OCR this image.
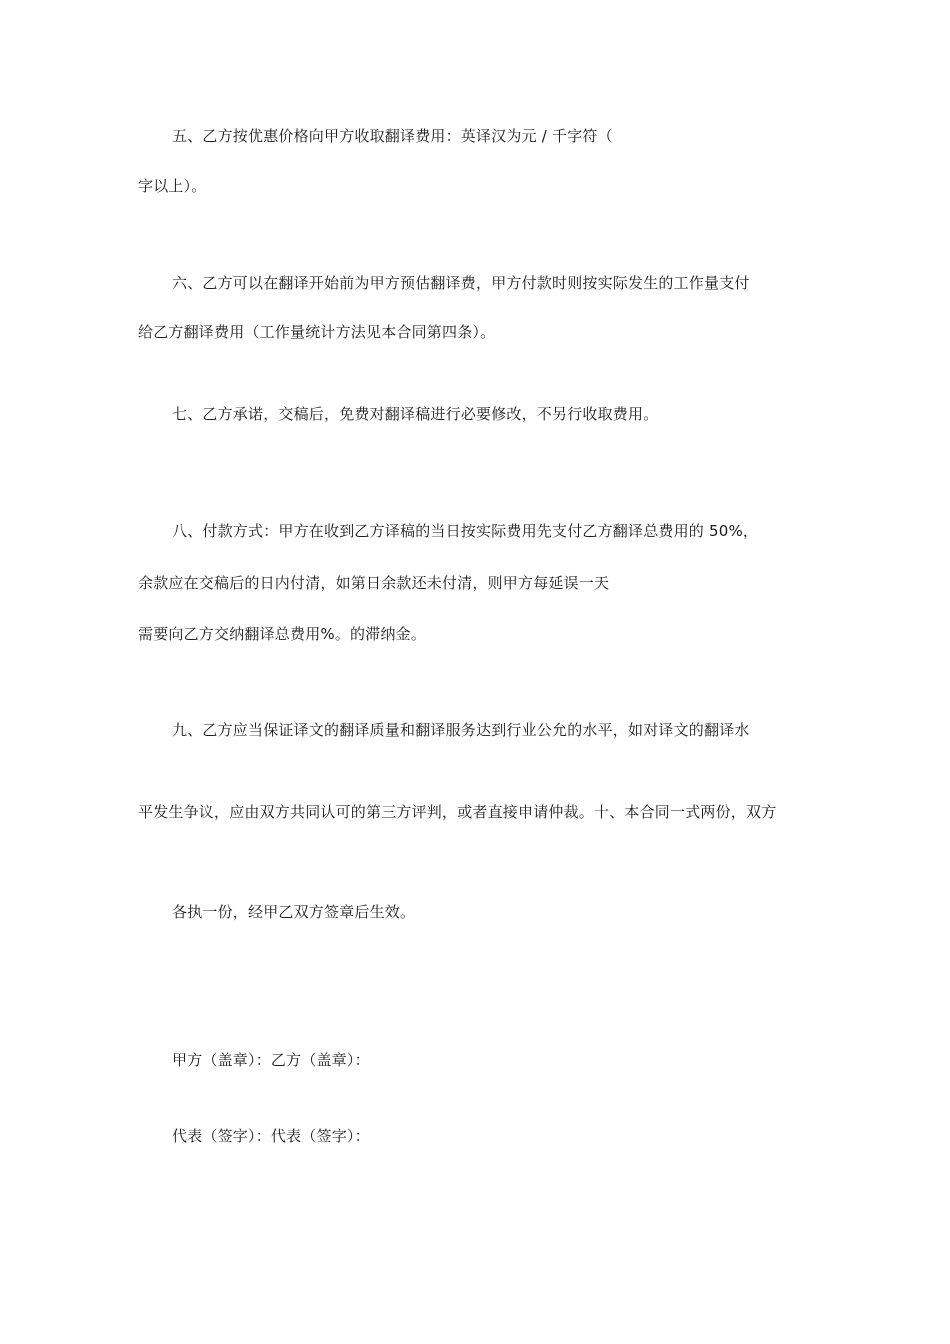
五、乙方按优惠价格向甲方收取翻译费用：英译汉为元 / 千字符（
字以上）。
六、乙方可以在翻译开始前为甲方预估翻译费，甲方付款时则按实际发生的工作量支付
给乙方翻译费用（工作量统计方法见本合同第四条）。
七、乙方承诺，交稿后，免费对翻译稿进行必要修改，不另行收取费用。
八、付款方式：甲方在收到乙方译稿的当日按实际费用先支付乙方翻译总费用的 50%，
余款应在交稿后的日内付清，如第日余款还未付清，则甲方每延误一天
需要向乙方交纳翻译总费用%。的滞纳金。
九、乙方应当保证译文的翻译质量和翻译服务达到行业公允的水平，如对译文的翻译水
平发生争议，应由双方共同认可的第三方评判，或者直接申请仲裁。十、本合同一式两份，双方
各执一份，经甲乙双方签章后生效。
甲方（盖章）：乙方（盖章）：
代表（签字）：代表（签字）：
